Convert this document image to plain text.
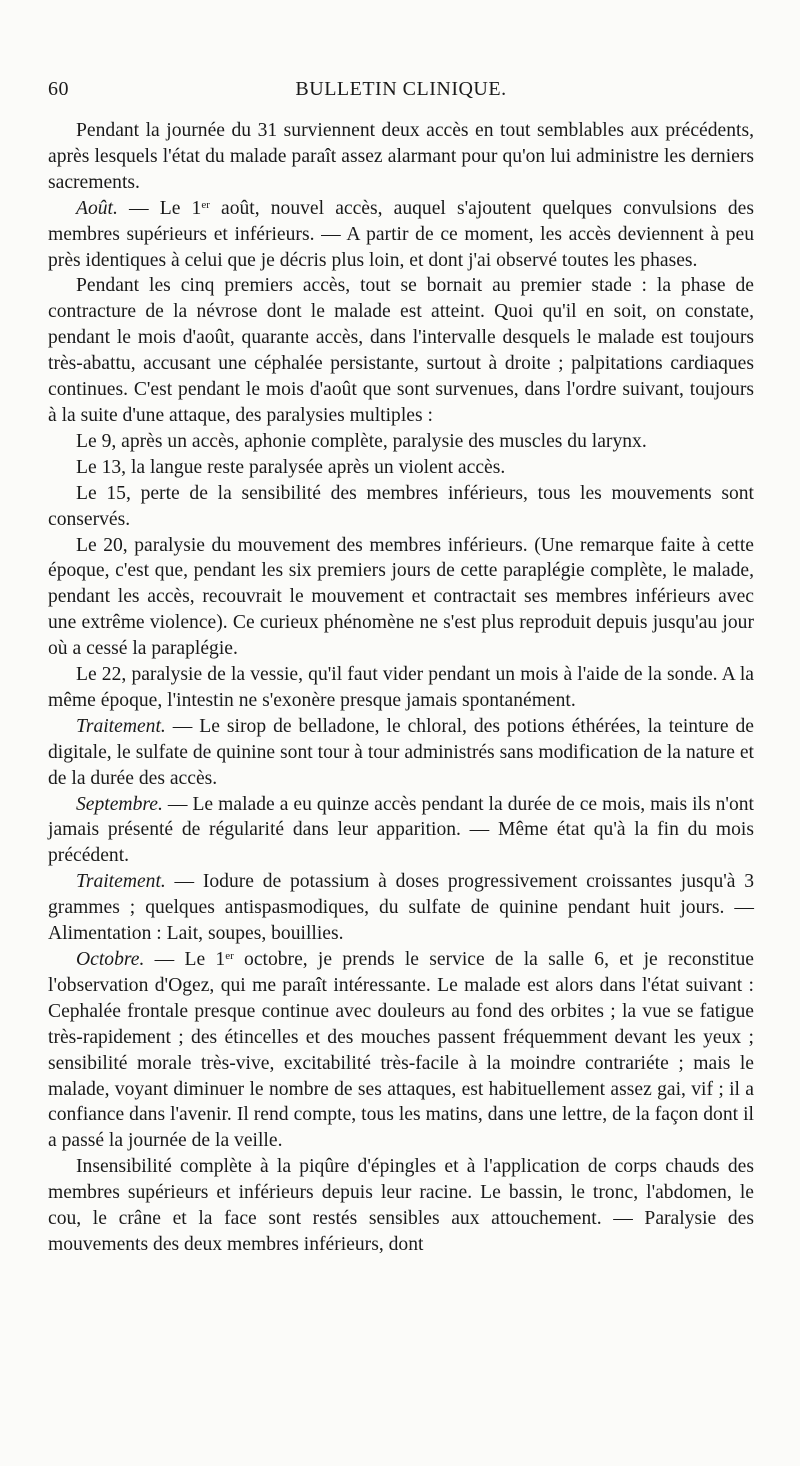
60	BULLETIN CLINIQUE.

Pendant la journée du 31 surviennent deux accès en tout semblables aux précédents, après lesquels l'état du malade paraît assez alarmant pour qu'on lui administre les derniers sacrements.

Août. — Le 1er août, nouvel accès, auquel s'ajoutent quelques convulsions des membres supérieurs et inférieurs. — A partir de ce moment, les accès deviennent à peu près identiques à celui que je décris plus loin, et dont j'ai observé toutes les phases.

Pendant les cinq premiers accès, tout se bornait au premier stade : la phase de contracture de la névrose dont le malade est atteint. Quoi qu'il en soit, on constate, pendant le mois d'août, quarante accès, dans l'intervalle desquels le malade est toujours très-abattu, accusant une céphalée persistante, surtout à droite ; palpitations cardiaques continues. C'est pendant le mois d'août que sont survenues, dans l'ordre suivant, toujours à la suite d'une attaque, des paralysies multiples :

Le 9, après un accès, aphonie complète, paralysie des muscles du larynx.

Le 13, la langue reste paralysée après un violent accès.

Le 15, perte de la sensibilité des membres inférieurs, tous les mouvements sont conservés.

Le 20, paralysie du mouvement des membres inférieurs. (Une remarque faite à cette époque, c'est que, pendant les six premiers jours de cette paraplégie complète, le malade, pendant les accès, recouvrait le mouvement et contractait ses membres inférieurs avec une extrême violence). Ce curieux phénomène ne s'est plus reproduit depuis jusqu'au jour où a cessé la paraplégie.

Le 22, paralysie de la vessie, qu'il faut vider pendant un mois à l'aide de la sonde. A la même époque, l'intestin ne s'exonère presque jamais spontanément.

Traitement. — Le sirop de belladone, le chloral, des potions éthérées, la teinture de digitale, le sulfate de quinine sont tour à tour administrés sans modification de la nature et de la durée des accès.

Septembre. — Le malade a eu quinze accès pendant la durée de ce mois, mais ils n'ont jamais présenté de régularité dans leur apparition. — Même état qu'à la fin du mois précédent.

Traitement. — Iodure de potassium à doses progressivement croissantes jusqu'à 3 grammes ; quelques antispasmodiques, du sulfate de quinine pendant huit jours. — Alimentation : Lait, soupes, bouillies.

Octobre. — Le 1er octobre, je prends le service de la salle 6, et je reconstitue l'observation d'Ogez, qui me paraît intéressante. Le malade est alors dans l'état suivant : Cephalée frontale presque continue avec douleurs au fond des orbites ; la vue se fatigue très-rapidement ; des étincelles et des mouches passent fréquemment devant les yeux ; sensibilité morale très-vive, excitabilité très-facile à la moindre contrariéte ; mais le malade, voyant diminuer le nombre de ses attaques, est habituellement assez gai, vif ; il a confiance dans l'avenir. Il rend compte, tous les matins, dans une lettre, de la façon dont il a passé la journée de la veille.

Insensibilité complète à la piqûre d'épingles et à l'application de corps chauds des membres supérieurs et inférieurs depuis leur racine. Le bassin, le tronc, l'abdomen, le cou, le crâne et la face sont restés sensibles aux attouchement. — Paralysie des mouvements des deux membres inférieurs, dont
